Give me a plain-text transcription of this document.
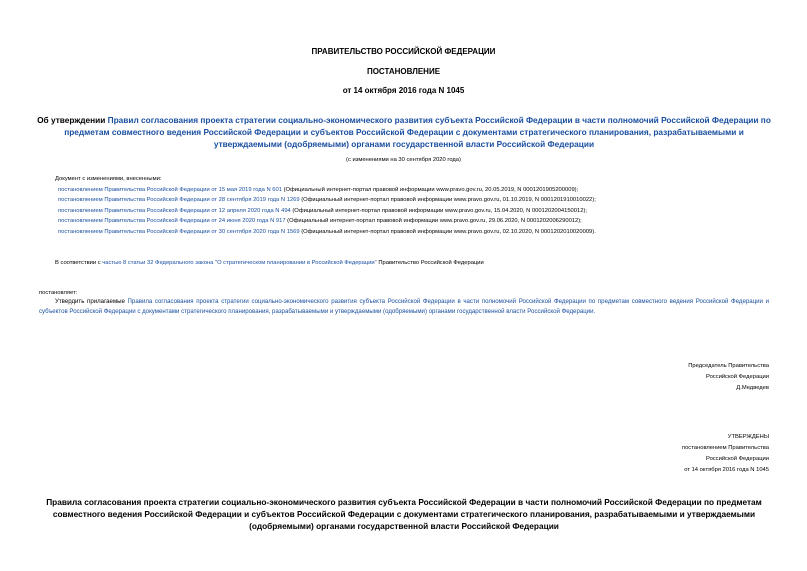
ПРАВИТЕЛЬСТВО РОССИЙСКОЙ ФЕДЕРАЦИИ
ПОСТАНОВЛЕНИЕ
от 14 октября 2016 года N 1045
Об утверждении Правил согласования проекта стратегии социально-экономического развития субъекта Российской Федерации в части полномочий Российской Федерации по предметам совместного ведения Российской Федерации и субъектов Российской Федерации с документами стратегического планирования, разрабатываемыми и утверждаемыми (одобряемыми) органами государственной власти Российской Федерации
(с изменениями на 30 сентября 2020 года)
Документ с изменениями, внесенными:
постановлением Правительства Российской Федерации от 15 мая 2019 года N 601 (Официальный интернет-портал правовой информации www.pravo.gov.ru, 20.05.2019, N 0001201905200009);
постановлением Правительства Российской Федерации от 28 сентября 2019 года N 1269 (Официальный интернет-портал правовой информации www.pravo.gov.ru, 01.10.2019, N 0001201910010022);
постановлением Правительства Российской Федерации от 12 апреля 2020 года N 494 (Официальный интернет-портал правовой информации www.pravo.gov.ru, 15.04.2020, N 0001202004150012);
постановлением Правительства Российской Федерации от 24 июня 2020 года N 917 (Официальный интернет-портал правовой информации www.pravo.gov.ru, 29.06.2020, N 0001202006290012);
постановлением Правительства Российской Федерации от 30 сентября 2020 года N 1569 (Официальный интернет-портал правовой информации www.pravo.gov.ru, 02.10.2020, N 0001202010020009).
В соответствии с частью 8 статьи 32 Федерального закона "О стратегическом планировании в Российской Федерации" Правительство Российской Федерации
постановляет:
Утвердить прилагаемые Правила согласования проекта стратегии социально-экономического развития субъекта Российской Федерации в части полномочий Российской Федерации по предметам совместного ведения Российской Федерации и субъектов Российской Федерации с документами стратегического планирования, разрабатываемыми и утверждаемыми (одобряемыми) органами государственной власти Российской Федерации.
Председатель Правительства
Российской Федерации
Д.Медведев
УТВЕРЖДЕНЫ
постановлением Правительства
Российской Федерации
от 14 октября 2016 года N 1045
Правила согласования проекта стратегии социально-экономического развития субъекта Российской Федерации в части полномочий Российской Федерации по предметам совместного ведения Российской Федерации и субъектов Российской Федерации с документами стратегического планирования, разрабатываемыми и утверждаемыми (одобряемыми) органами государственной власти Российской Федерации
